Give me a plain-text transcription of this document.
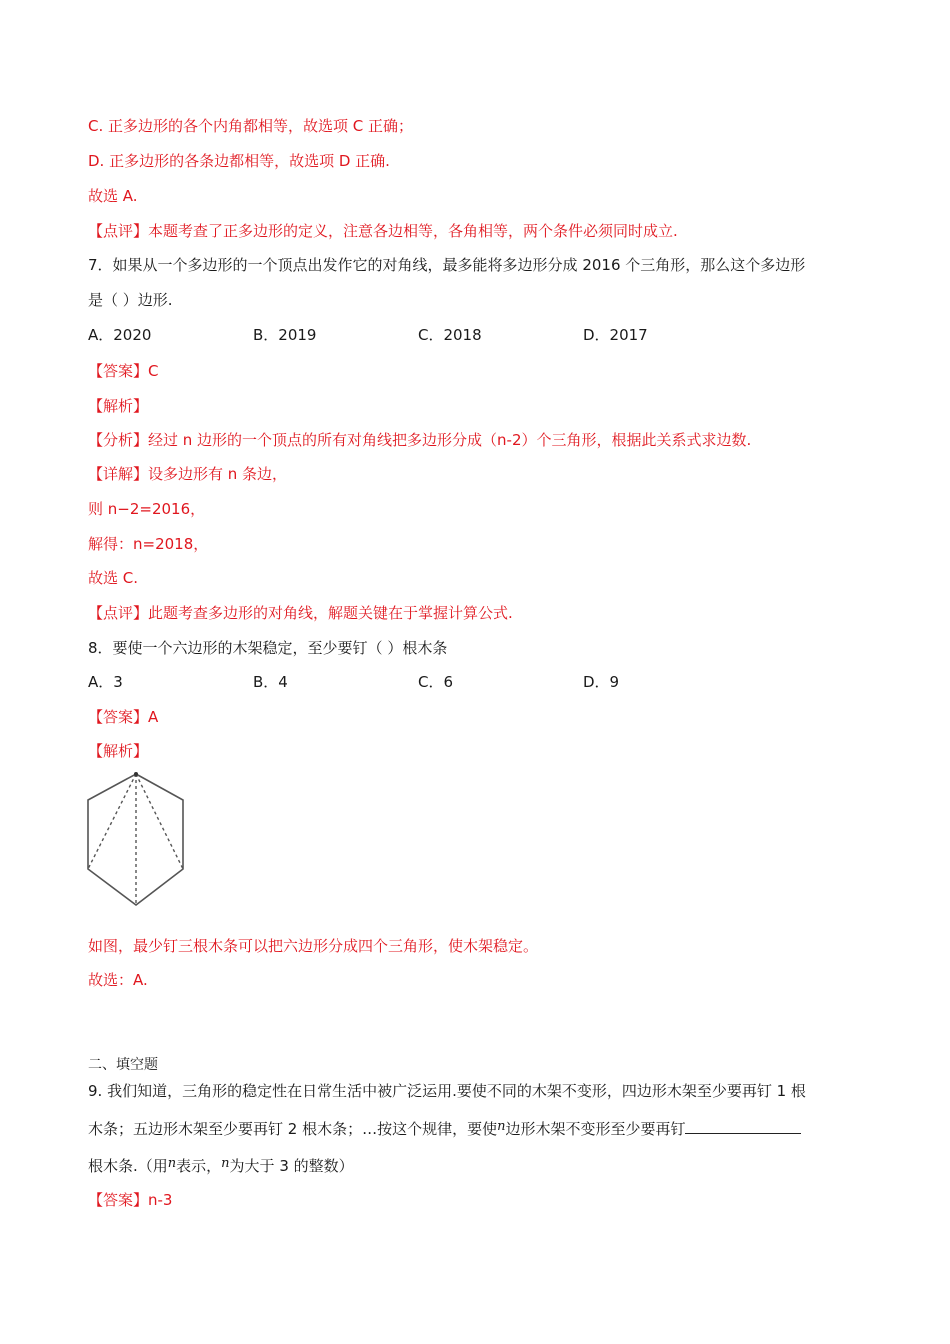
C. 正多边形的各个内角都相等，故选项 C 正确；
D. 正多边形的各条边都相等，故选项 D 正确.
故选 A.
【点评】本题考查了正多边形的定义，注意各边相等，各角相等，两个条件必须同时成立.
7．如果从一个多边形的一个顶点出发作它的对角线，最多能将多边形分成 2016 个三角形，那么这个多边形
是（ ）边形.
A．2020	B．2019	C．2018	D．2017
【答案】C
【解析】
【分析】经过 n 边形的一个顶点的所有对角线把多边形分成（n-2）个三角形，根据此关系式求边数.
【详解】设多边形有 n 条边，
则 n−2=2016，
解得：n=2018，
故选 C.
【点评】此题考查多边形的对角线，解题关键在于掌握计算公式.
8．要使一个六边形的木架稳定，至少要钉（ ）根木条
A．3	B．4	C．6	D．9
【答案】A
【解析】
如图，最少钉三根木条可以把六边形分成四个三角形，使木架稳定。
故选：A.
二、填空题
9. 我们知道，三角形的稳定性在日常生活中被广泛运用.要使不同的木架不变形，四边形木架至少要再钉 1 根
木条；五边形木架至少要再钉 2 根木条；…按这个规律，要使n边形木架不变形至少要再钉
根木条.（用n表示，n为大于 3 的整数）
【答案】n-3
